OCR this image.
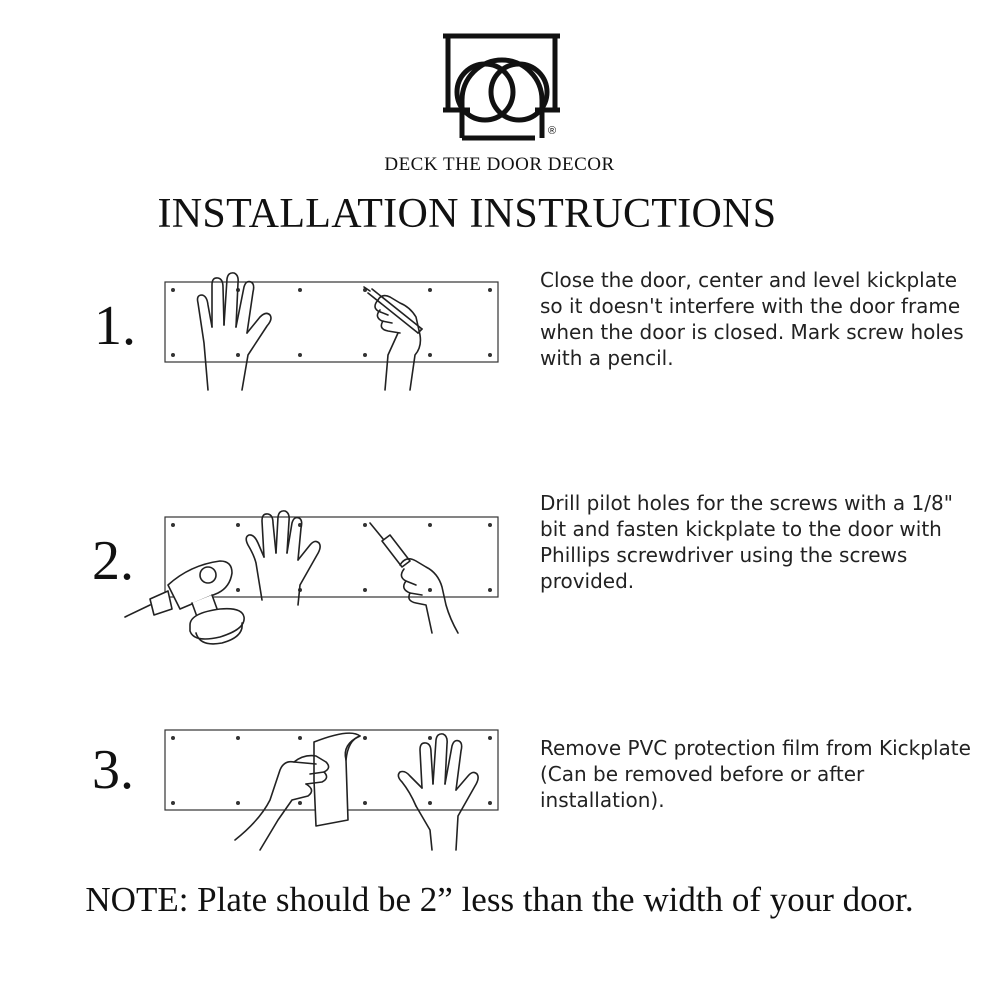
®
DECK THE DOOR DECOR
INSTALLATION INSTRUCTIONS
1.
Close the door, center and level kickplate so it doesn't interfere with the door frame when the door is closed. Mark screw holes with a pencil.
2.
Drill pilot holes for the screws with a 1/8" bit and fasten kickplate to the door with Phillips screwdriver using the screws provided.
3.	Remove PVC protection film from Kickplate (Can be removed before or after installation).
NOTE: Plate should be 2” less than the width of your door.
